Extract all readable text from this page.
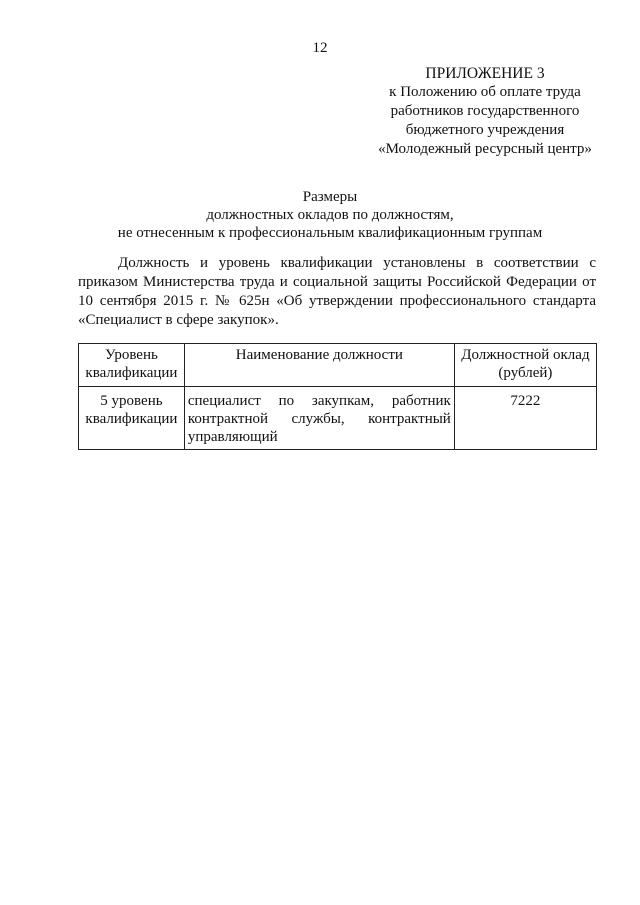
12
ПРИЛОЖЕНИЕ 3
к Положению об оплате труда
работников государственного
бюджетного учреждения
«Молодежный ресурсный центр»
Размеры
должностных окладов по должностям,
не отнесенным к профессиональным квалификационным группам

Должность и уровень квалификации установлены в соответствии с приказом Министерства труда и социальной защиты Российской Федерации от 10 сентября 2015 г. № 625н «Об утверждении профессионального стандарта «Специалист в сфере закупок».

Уровень квалификации	Наименование должности	Должностной оклад (рублей)
5 уровень квалификации	специалист по закупкам, работник контрактной службы, контрактный управляющий	7222
